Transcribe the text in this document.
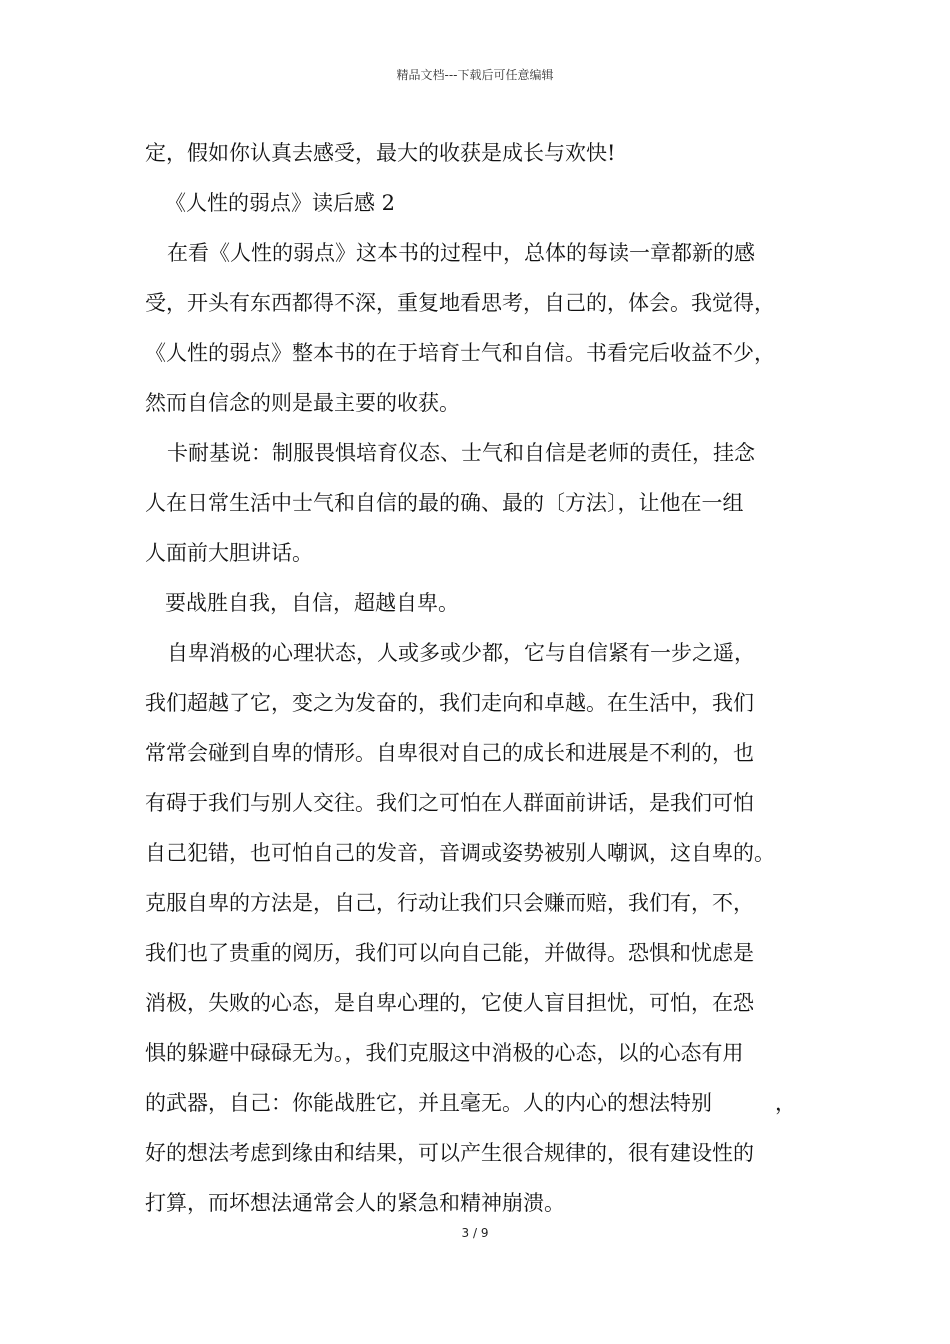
精品文档---下载后可任意编辑
定，假如你认真去感受，最大的收获是成长与欢快!
《人性的弱点》读后感 2
在看《人性的弱点》这本书的过程中，总体的每读一章都新的感
受，开头有东西都得不深，重复地看思考，自己的，体会。我觉得，
《人性的弱点》整本书的在于培育士气和自信。书看完后收益不少，
然而自信念的则是最主要的收获。
卡耐基说：制服畏惧培育仪态、士气和自信是老师的责任，挂念
人在日常生活中士气和自信的最的确、最的〔方法〕，让他在一组
人面前大胆讲话。
要战胜自我，自信，超越自卑。
自卑消极的心理状态，人或多或少都，它与自信紧有一步之遥，
我们超越了它，变之为发奋的，我们走向和卓越。在生活中，我们
常常会碰到自卑的情形。自卑很对自己的成长和进展是不利的，也
有碍于我们与别人交往。我们之可怕在人群面前讲话，是我们可怕
自己犯错，也可怕自己的发音，音调或姿势被别人嘲讽，这自卑的。
克服自卑的方法是，自己，行动让我们只会赚而赔，我们有，不，
我们也了贵重的阅历，我们可以向自己能，并做得。恐惧和忧虑是
消极，失败的心态，是自卑心理的，它使人盲目担忧，可怕，在恐
惧的躲避中碌碌无为。，我们克服这中消极的心态，以的心态有用
的武器，自己：你能战胜它，并且毫无。人的内心的想法特别　　　，
好的想法考虑到缘由和结果，可以产生很合规律的，很有建设性的
打算，而坏想法通常会人的紧急和精神崩溃。
3 / 9
